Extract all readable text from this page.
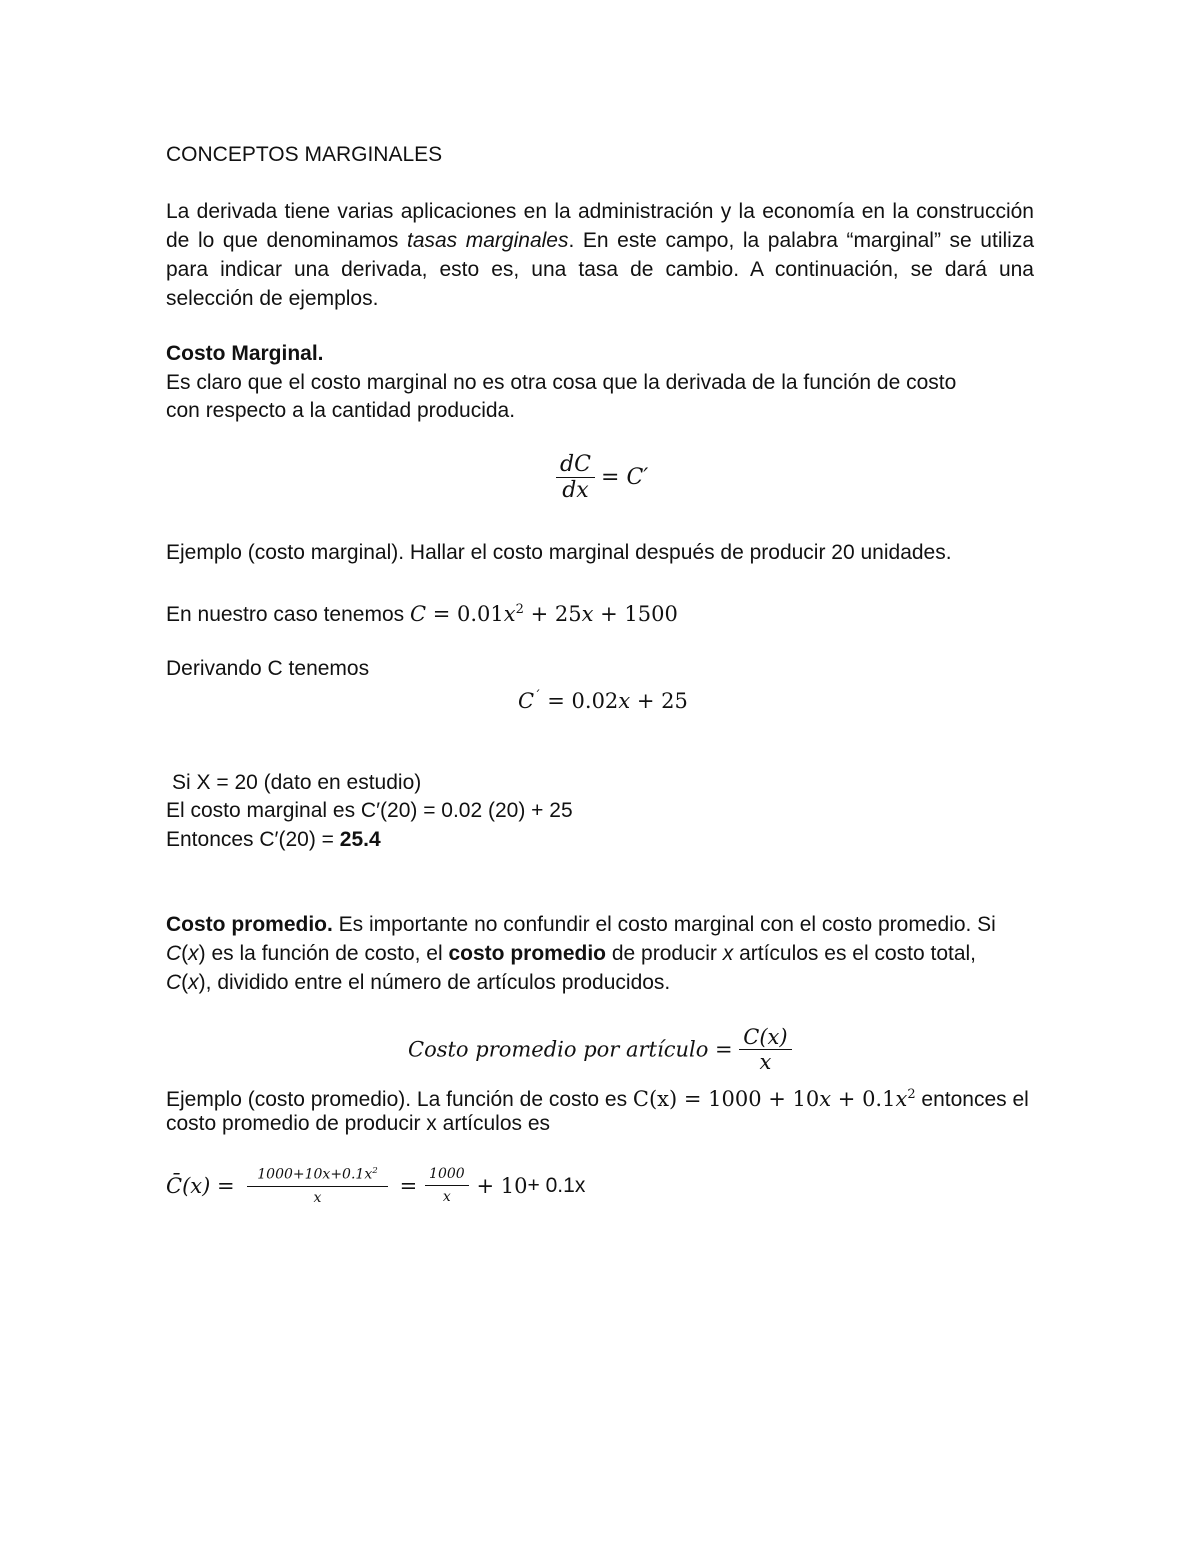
CONCEPTOS MARGINALES
La derivada tiene varias aplicaciones en la administración y la economía en la construcción de lo que denominamos tasas marginales. En este campo, la palabra “marginal” se utiliza para indicar una derivada, esto es, una tasa de cambio. A continuación, se dará una selección de ejemplos.
Costo Marginal.
Es claro que el costo marginal no es otra cosa que la derivada de la función de costo
con respecto a la cantidad producida.
$\frac{dC}{dx} = C'$
Ejemplo (costo marginal). Hallar el costo marginal después de producir 20 unidades.
En nuestro caso tenemos $C = 0.01x^2 + 25x + 1500$
Derivando C tenemos
C´ = 0.02x + 25
Si X = 20 (dato en estudio)
El costo marginal es C′(20) = 0.02 (20) + 25
Entonces C′(20) = 25.4
Costo promedio. Es importante no confundir el costo marginal con el costo promedio. Si
C(x) es la función de costo, el costo promedio de producir x artículos es el costo total,
C(x), dividido entre el número de artículos producidos.
Costo promedio por artículo = $\frac{C(x)}{x}$
Ejemplo (costo promedio). La función de costo es $C(x) = 1000 + 10x + 0.1x^2$ entonces el
costo promedio de producir x artículos es
C̄(x) = $\frac{1000+10x+0.1x^2}{x} = \frac{1000}{x} + 10+ 0.1x$
